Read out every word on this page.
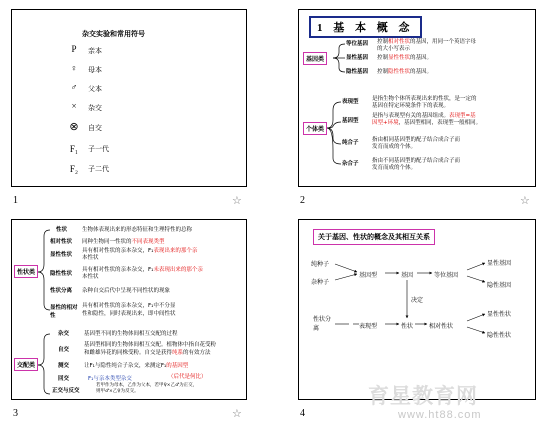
杂交实验和常用符号
P	亲本
♀	母本
♂	父本
×	杂交
⊗	自交
F₁	子一代
F₂	子二代
1	☆
1 基 本 概 念
基因类
等位基因 控制相对性状的基因，用同一个英语字母
的大小写表示
显性基因 控制显性性状的基因。
隐性基因 控制隐性性状的基因。
个体类
表现型 是指生物个体所表现出来的性状，是一定的
基因在特定环境条件下的表现。
基因型
是指与表现型有关的基因组成。表现型=基
因型+环境，基因型相同，表现型一般相同。
纯合子 指由相同基因型的配子结合成合子而
发育而成的个体。
杂合子 指由不同基因型的配子结合成合子而
发育而成的个体。
2	☆
性状类
性状	生物体表现出来的形态特征和生理特性的总称
相对性状 同种生物同一性状的不同表现类型
显性性状
具有相对性状的亲本杂交，F₁表现出来的那个亲
本性状
隐性性状
具有相对性状的亲本杂交，F₁未表现出来的那个亲
本性状
性状分离 杂种自交后代中呈现不同性状的现象
显性的相对性
具有相对性状的亲本杂交，F₁中不分显
性和隐性，同时表现出来，即中间性状
交配类
杂交	基因型不同的生物体间相互交配的过程
自交
基因型相同的生物体间相互交配。植物体中指自花受粉
和雌雄异花的同株受粉。自交是获得纯系的有效方法
测交	让F₁与隐性纯合子杂交，来测定F₁的基因型
回交	F₁与亲本类型杂交	（后代是何比）
正交与反交
若甲作为母本，乙作为父本，若甲♀×乙♂为正交，
则甲♂×乙♀为反交。
3	☆
关于基因、性状的概念及其相互关系
纯种子
杂种子
基因型	基因	等位基因
显性基因
隐性基因
决定
性状分离	表现型	性状	相对性状
显性性状
隐性性状
4
育星教育网
www.ht88.com
